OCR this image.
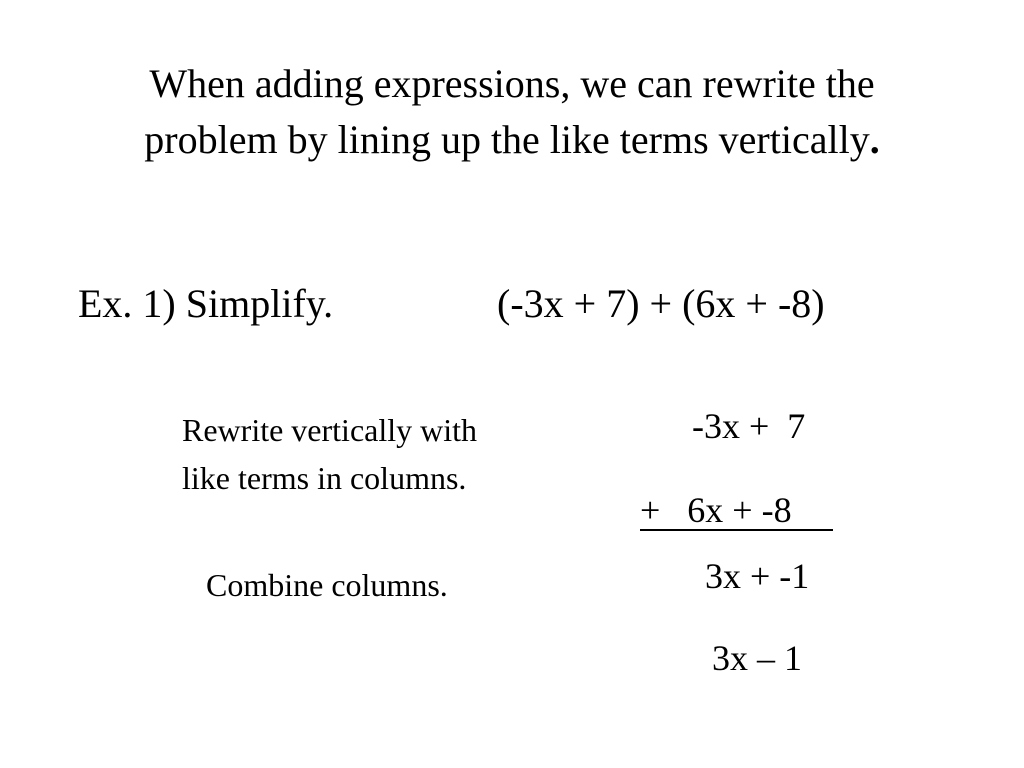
When adding expressions, we can rewrite the
problem by lining up the like terms vertically.
Ex. 1) Simplify.	(-3x + 7) + (6x + -8)
Rewrite vertically with
like terms in columns.
Combine columns.
-3x +  7
+   6x + -8
3x + -1
3x – 1
